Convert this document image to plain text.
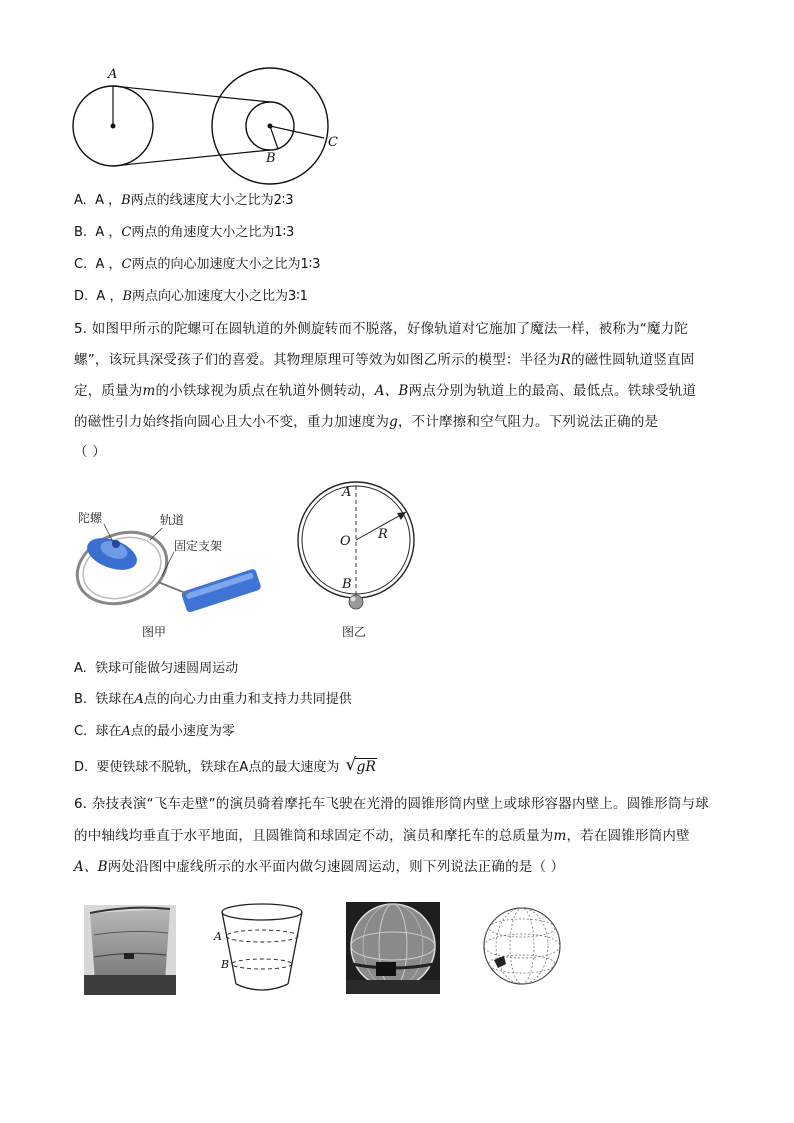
A
B
C
A. A ，B两点的线速度大小之比为2∶3
B. A ，C两点的角速度大小之比为1∶3
C. A ，C两点的向心加速度大小之比为1∶3
D. A ，B两点向心加速度大小之比为3∶1
5. 如图甲所示的陀螺可在圆轨道的外侧旋转而不脱落，好像轨道对它施加了魔法一样，被称为“魔力陀
螺”，该玩具深受孩子们的喜爱。其物理原理可等效为如图乙所示的模型：半径为R的磁性圆轨道竖直固
定，质量为m的小铁球视为质点在轨道外侧转动，A、B两点分别为轨道上的最高、最低点。铁球受轨道
的磁性引力始终指向圆心且大小不变，重力加速度为g，不计摩擦和空气阻力。下列说法正确的是
（ ）
陀螺	轨道
固定支架
图甲
A
O R
B
图乙
A. 铁球可能做匀速圆周运动
B. 铁球在A点的向心力由重力和支持力共同提供
C. 球在A点的最小速度为零
D. 要使铁球不脱轨，铁球在A点的最大速度为 √ gR
6. 杂技表演“飞车走壁”的演员骑着摩托车飞驶在光滑的圆锥形筒内壁上或球形容器内壁上。圆锥形筒与球
的中轴线均垂直于水平地面，且圆锥筒和球固定不动，演员和摩托车的总质量为m，若在圆锥形筒内壁
A、B两处沿图中虚线所示的水平面内做匀速圆周运动，则下列说法正确的是（ ）
A
B
